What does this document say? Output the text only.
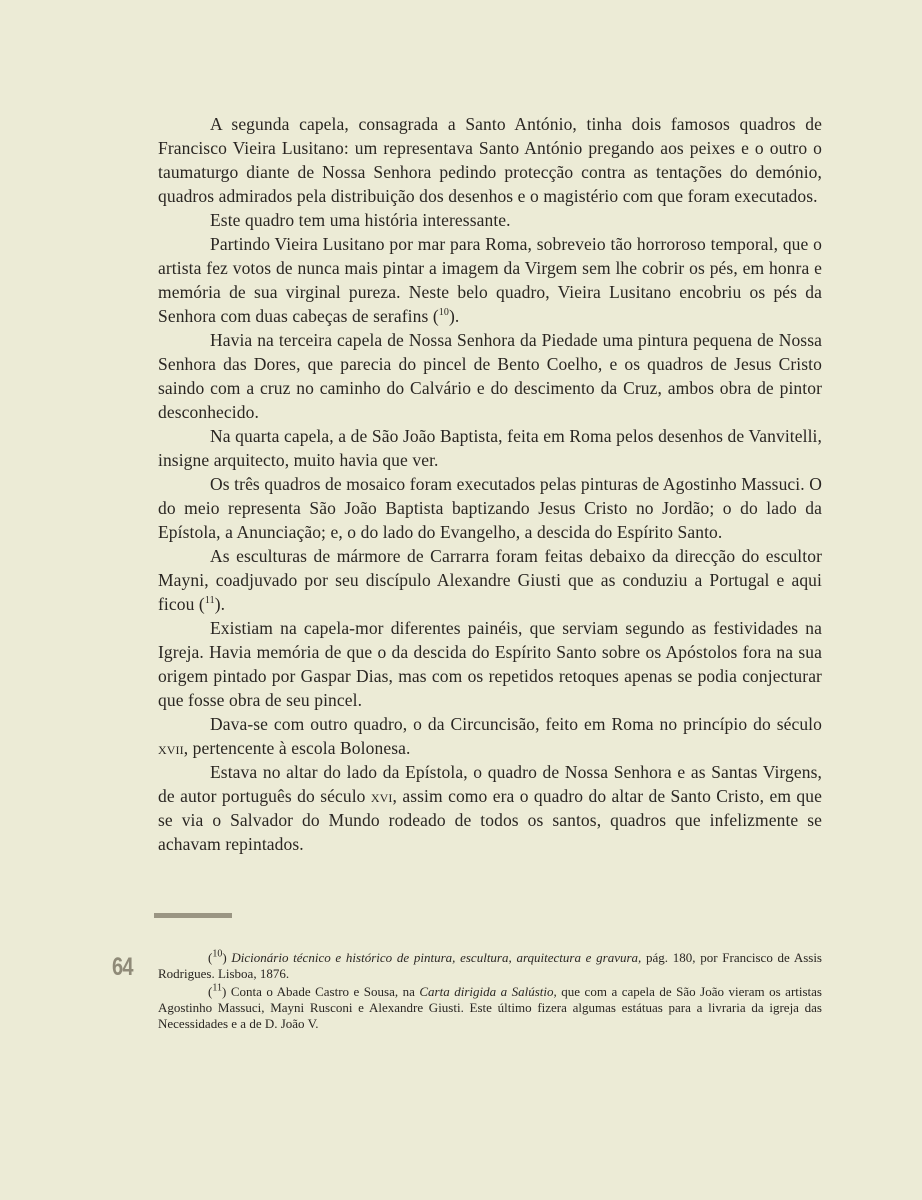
A segunda capela, consagrada a Santo António, tinha dois famosos quadros de Francisco Vieira Lusitano: um representava Santo António pregando aos peixes e o outro o taumaturgo diante de Nossa Senhora pedindo protecção contra as tentações do demónio, quadros admirados pela distribuição dos desenhos e o magistério com que foram executados.

Este quadro tem uma história interessante.

Partindo Vieira Lusitano por mar para Roma, sobreveio tão horroroso temporal, que o artista fez votos de nunca mais pintar a imagem da Virgem sem lhe cobrir os pés, em honra e memória de sua virginal pureza. Neste belo quadro, Vieira Lusitano encobriu os pés da Senhora com duas cabeças de serafins ($^{10}$).

Havia na terceira capela de Nossa Senhora da Piedade uma pintura pequena de Nossa Senhora das Dores, que parecia do pincel de Bento Coelho, e os quadros de Jesus Cristo saindo com a cruz no caminho do Calvário e do descimento da Cruz, ambos obra de pintor desconhecido.

Na quarta capela, a de São João Baptista, feita em Roma pelos desenhos de Vanvitelli, insigne arquitecto, muito havia que ver.

Os três quadros de mosaico foram executados pelas pinturas de Agostinho Massuci. O do meio representa São João Baptista baptizando Jesus Cristo no Jordão; o do lado da Epístola, a Anunciação; e, o do lado do Evangelho, a descida do Espírito Santo.

As esculturas de mármore de Carrarra foram feitas debaixo da direcção do escultor Mayni, coadjuvado por seu discípulo Alexandre Giusti que as conduziu a Portugal e aqui ficou ($^{11}$).

Existiam na capela-mor diferentes painéis, que serviam segundo as festividades na Igreja. Havia memória de que o da descida do Espírito Santo sobre os Apóstolos fora na sua origem pintado por Gaspar Dias, mas com os repetidos retoques apenas se podia conjecturar que fosse obra de seu pincel.

Dava-se com outro quadro, o da Circuncisão, feito em Roma no princípio do século xvii, pertencente à escola Bolonesa.

Estava no altar do lado da Epístola, o quadro de Nossa Senhora e as Santas Virgens, de autor português do século xvi, assim como era o quadro do altar de Santo Cristo, em que se via o Salvador do Mundo rodeado de todos os santos, quadros que infelizmente se achavam repintados.

64	($^{10}$) Dicionário técnico e histórico de pintura, escultura, arquitectura e gravura, pág. 180, por Francisco de Assis Rodrigues. Lisboa, 1876.

($^{11}$) Conta o Abade Castro e Sousa, na Carta dirigida a Salústio, que com a capela de São João vieram os artistas Agostinho Massuci, Mayni Rusconi e Alexandre Giusti. Este último fizera algumas estátuas para a livraria da igreja das Necessidades e a de D. João V.
